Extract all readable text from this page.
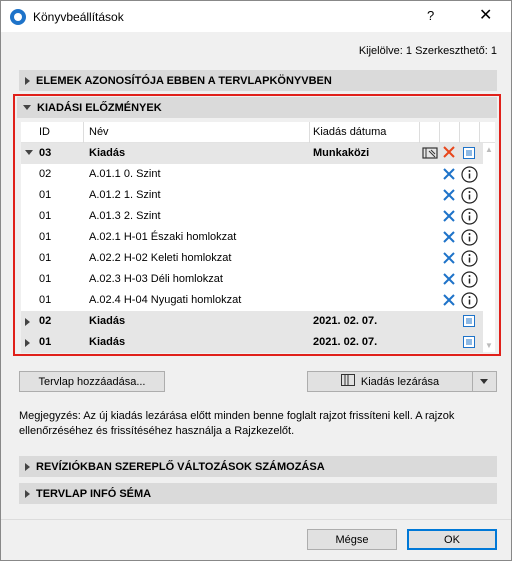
Könyvbeállítások	?	✕
Kijelölve: 1 Szerkeszthető: 1
ELEMEK AZONOSÍTÓJA EBBEN A TERVLAPKÖNYVBEN
KIADÁSI ELŐZMÉNYEK
ID	Név	Kiadás dátuma
03	Kiadás	Munkaközi
02	A.01.1 0. Szint
01	A.01.2 1. Szint
01	A.01.3 2. Szint
01	A.02.1 H-01 Északi homlokzat
01	A.02.2 H-02 Keleti homlokzat
01	A.02.3 H-03 Déli homlokzat
01	A.02.4 H-04 Nyugati homlokzat
02	Kiadás	2021. 02. 07.
01	Kiadás	2021. 02. 07.
▲
▼
Tervlap hozzáadása...	Kiadás lezárása
Megjegyzés: Az új kiadás lezárása előtt minden benne foglalt rajzot frissíteni kell. A rajzok ellenőrzéséhez és frissítéséhez használja a Rajzkezelőt.
REVÍZIÓKBAN SZEREPLŐ VÁLTOZÁSOK SZÁMOZÁSA
TERVLAP INFÓ SÉMA
Mégse	OK
